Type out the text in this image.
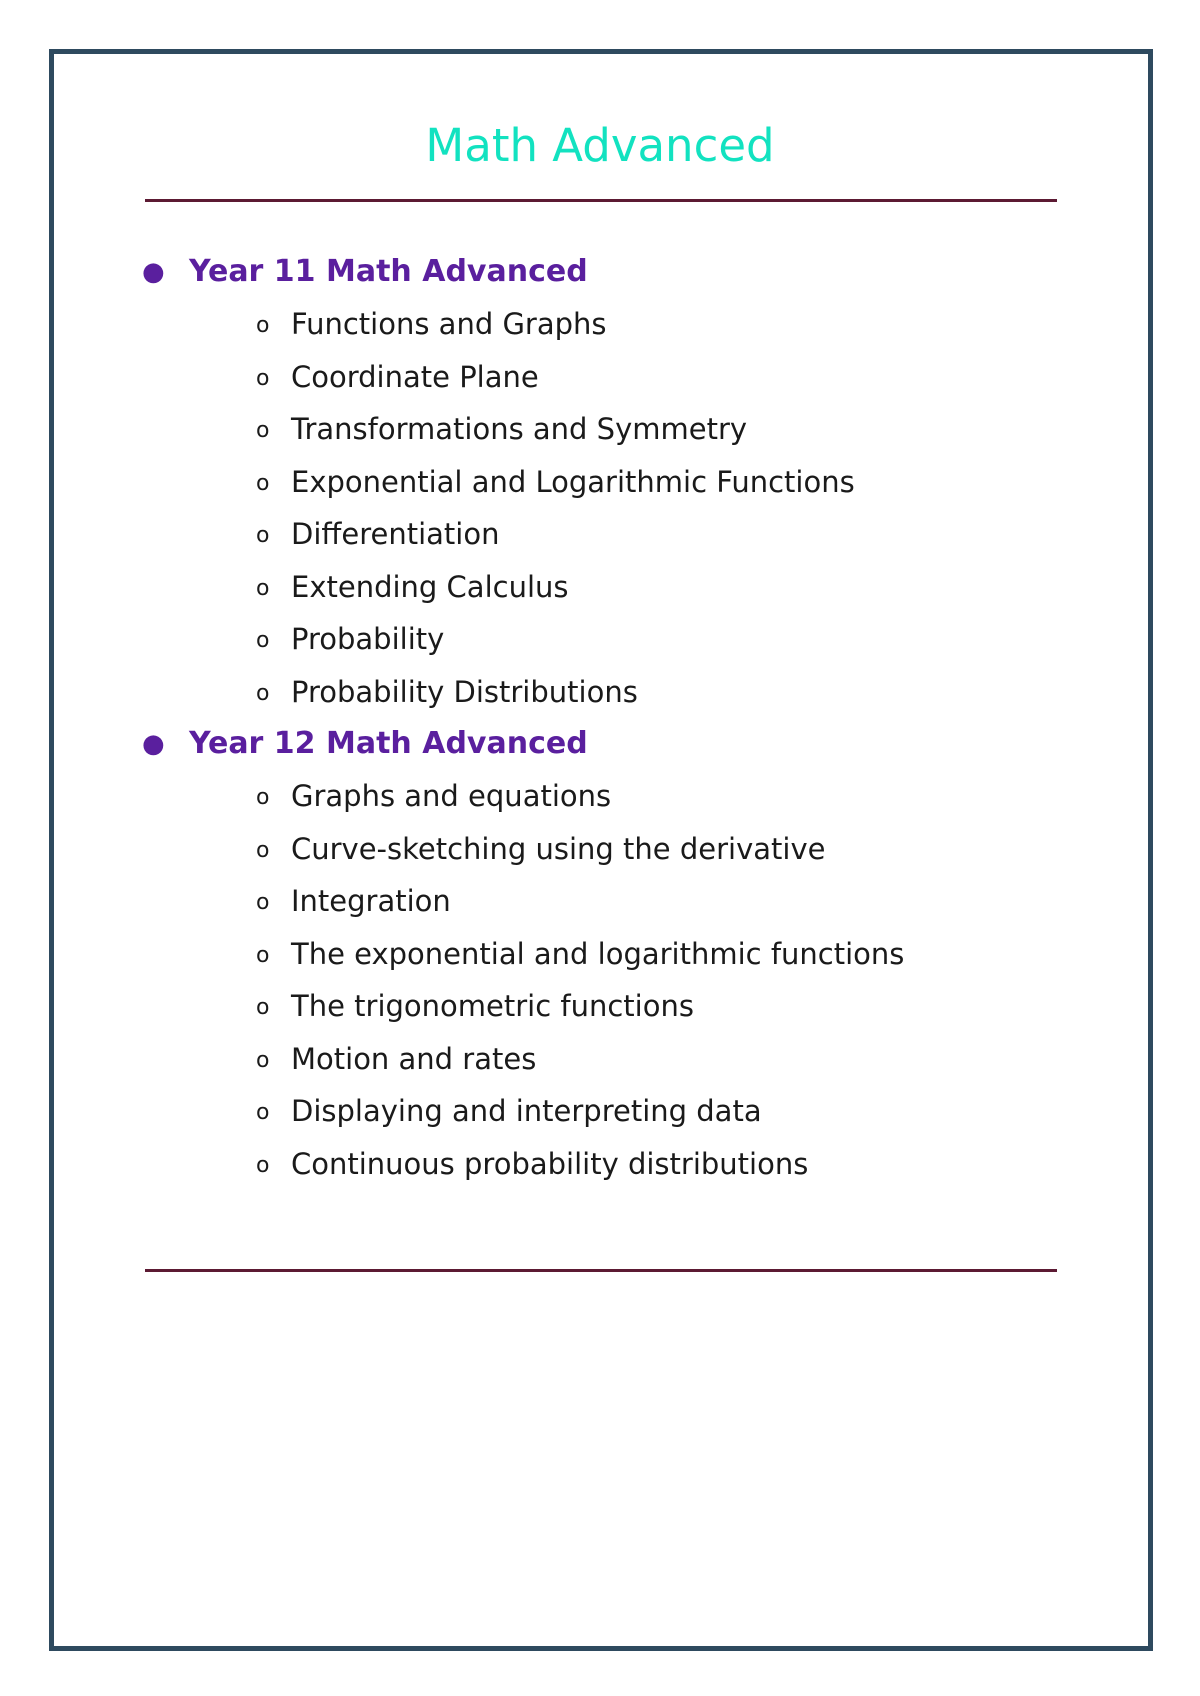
Math Advanced
● Year 11 Math Advanced
o Functions and Graphs
o Coordinate Plane
o Transformations and Symmetry
o Exponential and Logarithmic Functions
o Differentiation
o Extending Calculus
o Probability
o Probability Distributions
● Year 12 Math Advanced
o Graphs and equations
o Curve-sketching using the derivative
o Integration
o The exponential and logarithmic functions
o The trigonometric functions
o Motion and rates
o Displaying and interpreting data
o Continuous probability distributions
